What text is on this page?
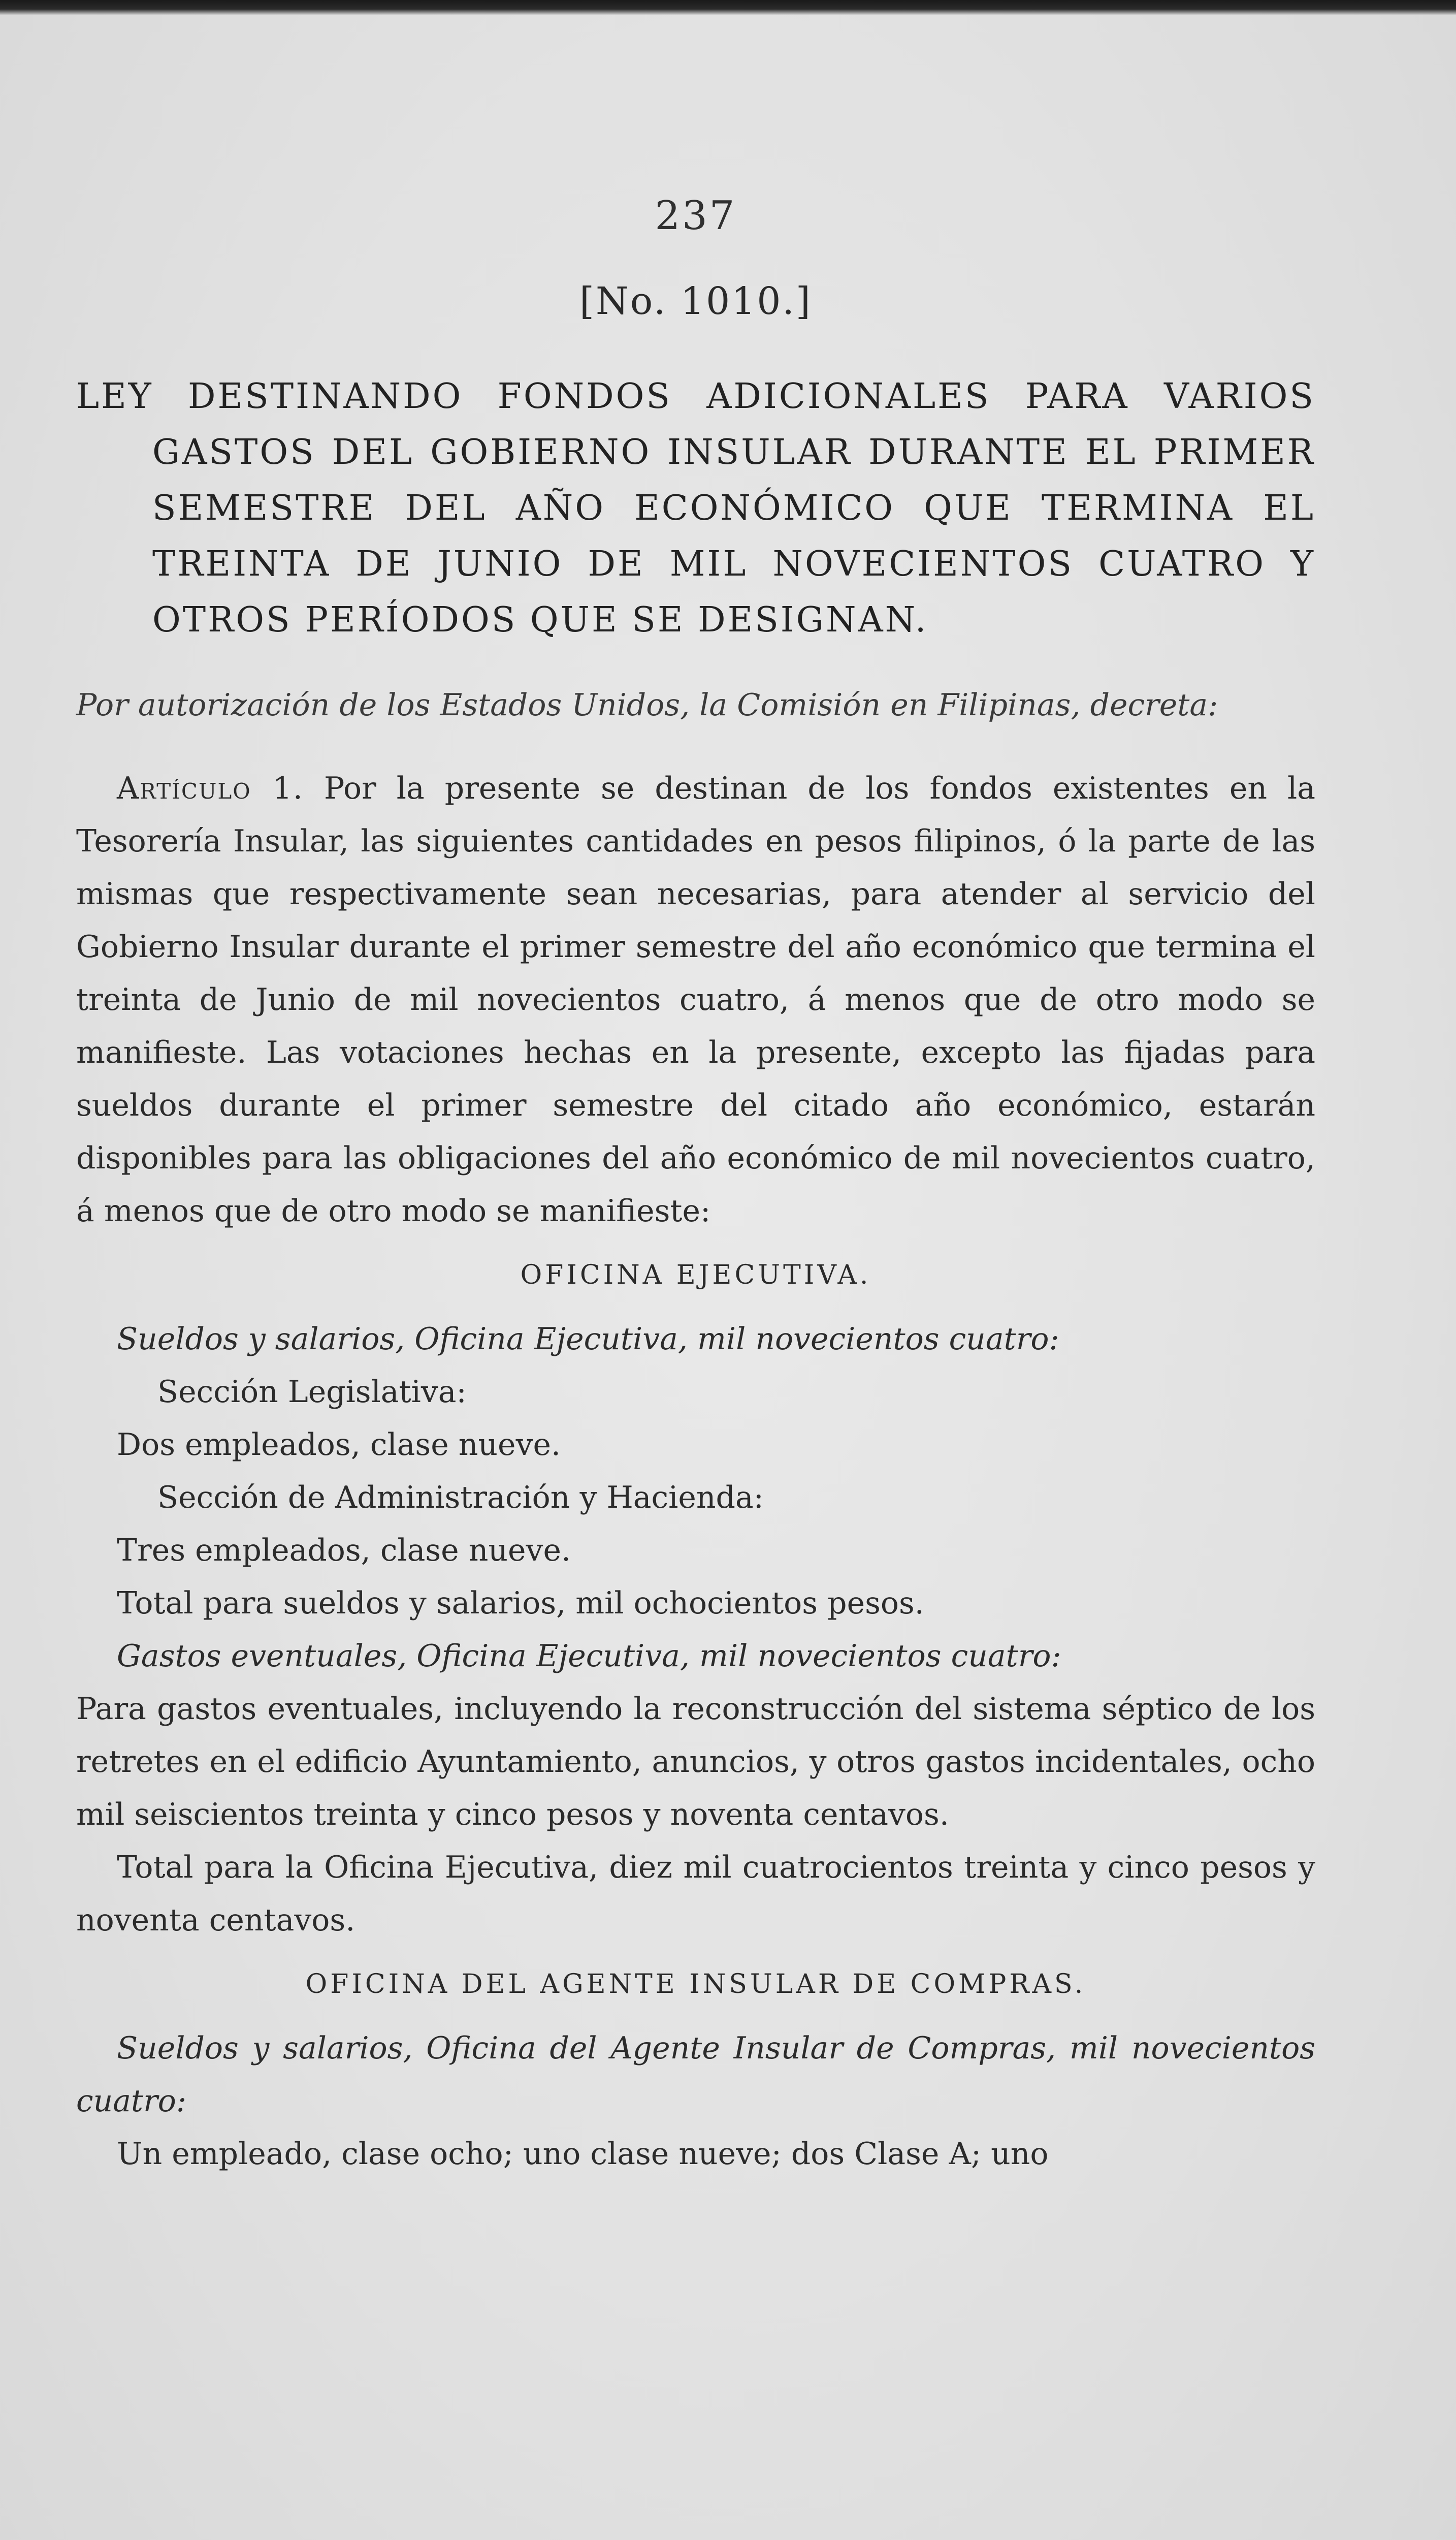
237
[No. 1010.]

LEY DESTINANDO FONDOS ADICIONALES PARA VARIOS GASTOS DEL GOBIERNO INSULAR DURANTE EL PRIMER SEMESTRE DEL AÑO ECONÓMICO QUE TERMINA EL TREINTA DE JUNIO DE MIL NOVECIENTOS CUATRO Y OTROS PERÍODOS QUE SE DESIGNAN.

Por autorización de los Estados Unidos, la Comisión en Filipinas, decreta:

Artículo 1. Por la presente se destinan de los fondos existentes en la Tesorería Insular, las siguientes cantidades en pesos filipinos, ó la parte de las mismas que respectivamente sean necesarias, para atender al servicio del Gobierno Insular durante el primer semestre del año económico que termina el treinta de Junio de mil novecientos cuatro, á menos que de otro modo se manifieste. Las votaciones hechas en la presente, excepto las fijadas para sueldos durante el primer semestre del citado año económico, estarán disponibles para las obligaciones del año económico de mil novecientos cuatro, á menos que de otro modo se manifieste:

OFICINA EJECUTIVA.

Sueldos y salarios, Oficina Ejecutiva, mil novecientos cuatro:

Sección Legislativa:

Dos empleados, clase nueve.

Sección de Administración y Hacienda:

Tres empleados, clase nueve.

Total para sueldos y salarios, mil ochocientos pesos.

Gastos eventuales, Oficina Ejecutiva, mil novecientos cuatro:

Para gastos eventuales, incluyendo la reconstrucción del sistema séptico de los retretes en el edificio Ayuntamiento, anuncios, y otros gastos incidentales, ocho mil seiscientos treinta y cinco pesos y noventa centavos.

Total para la Oficina Ejecutiva, diez mil cuatrocientos treinta y cinco pesos y noventa centavos.

OFICINA DEL AGENTE INSULAR DE COMPRAS.

Sueldos y salarios, Oficina del Agente Insular de Compras, mil novecientos cuatro:

Un empleado, clase ocho; uno clase nueve; dos Clase A; uno
